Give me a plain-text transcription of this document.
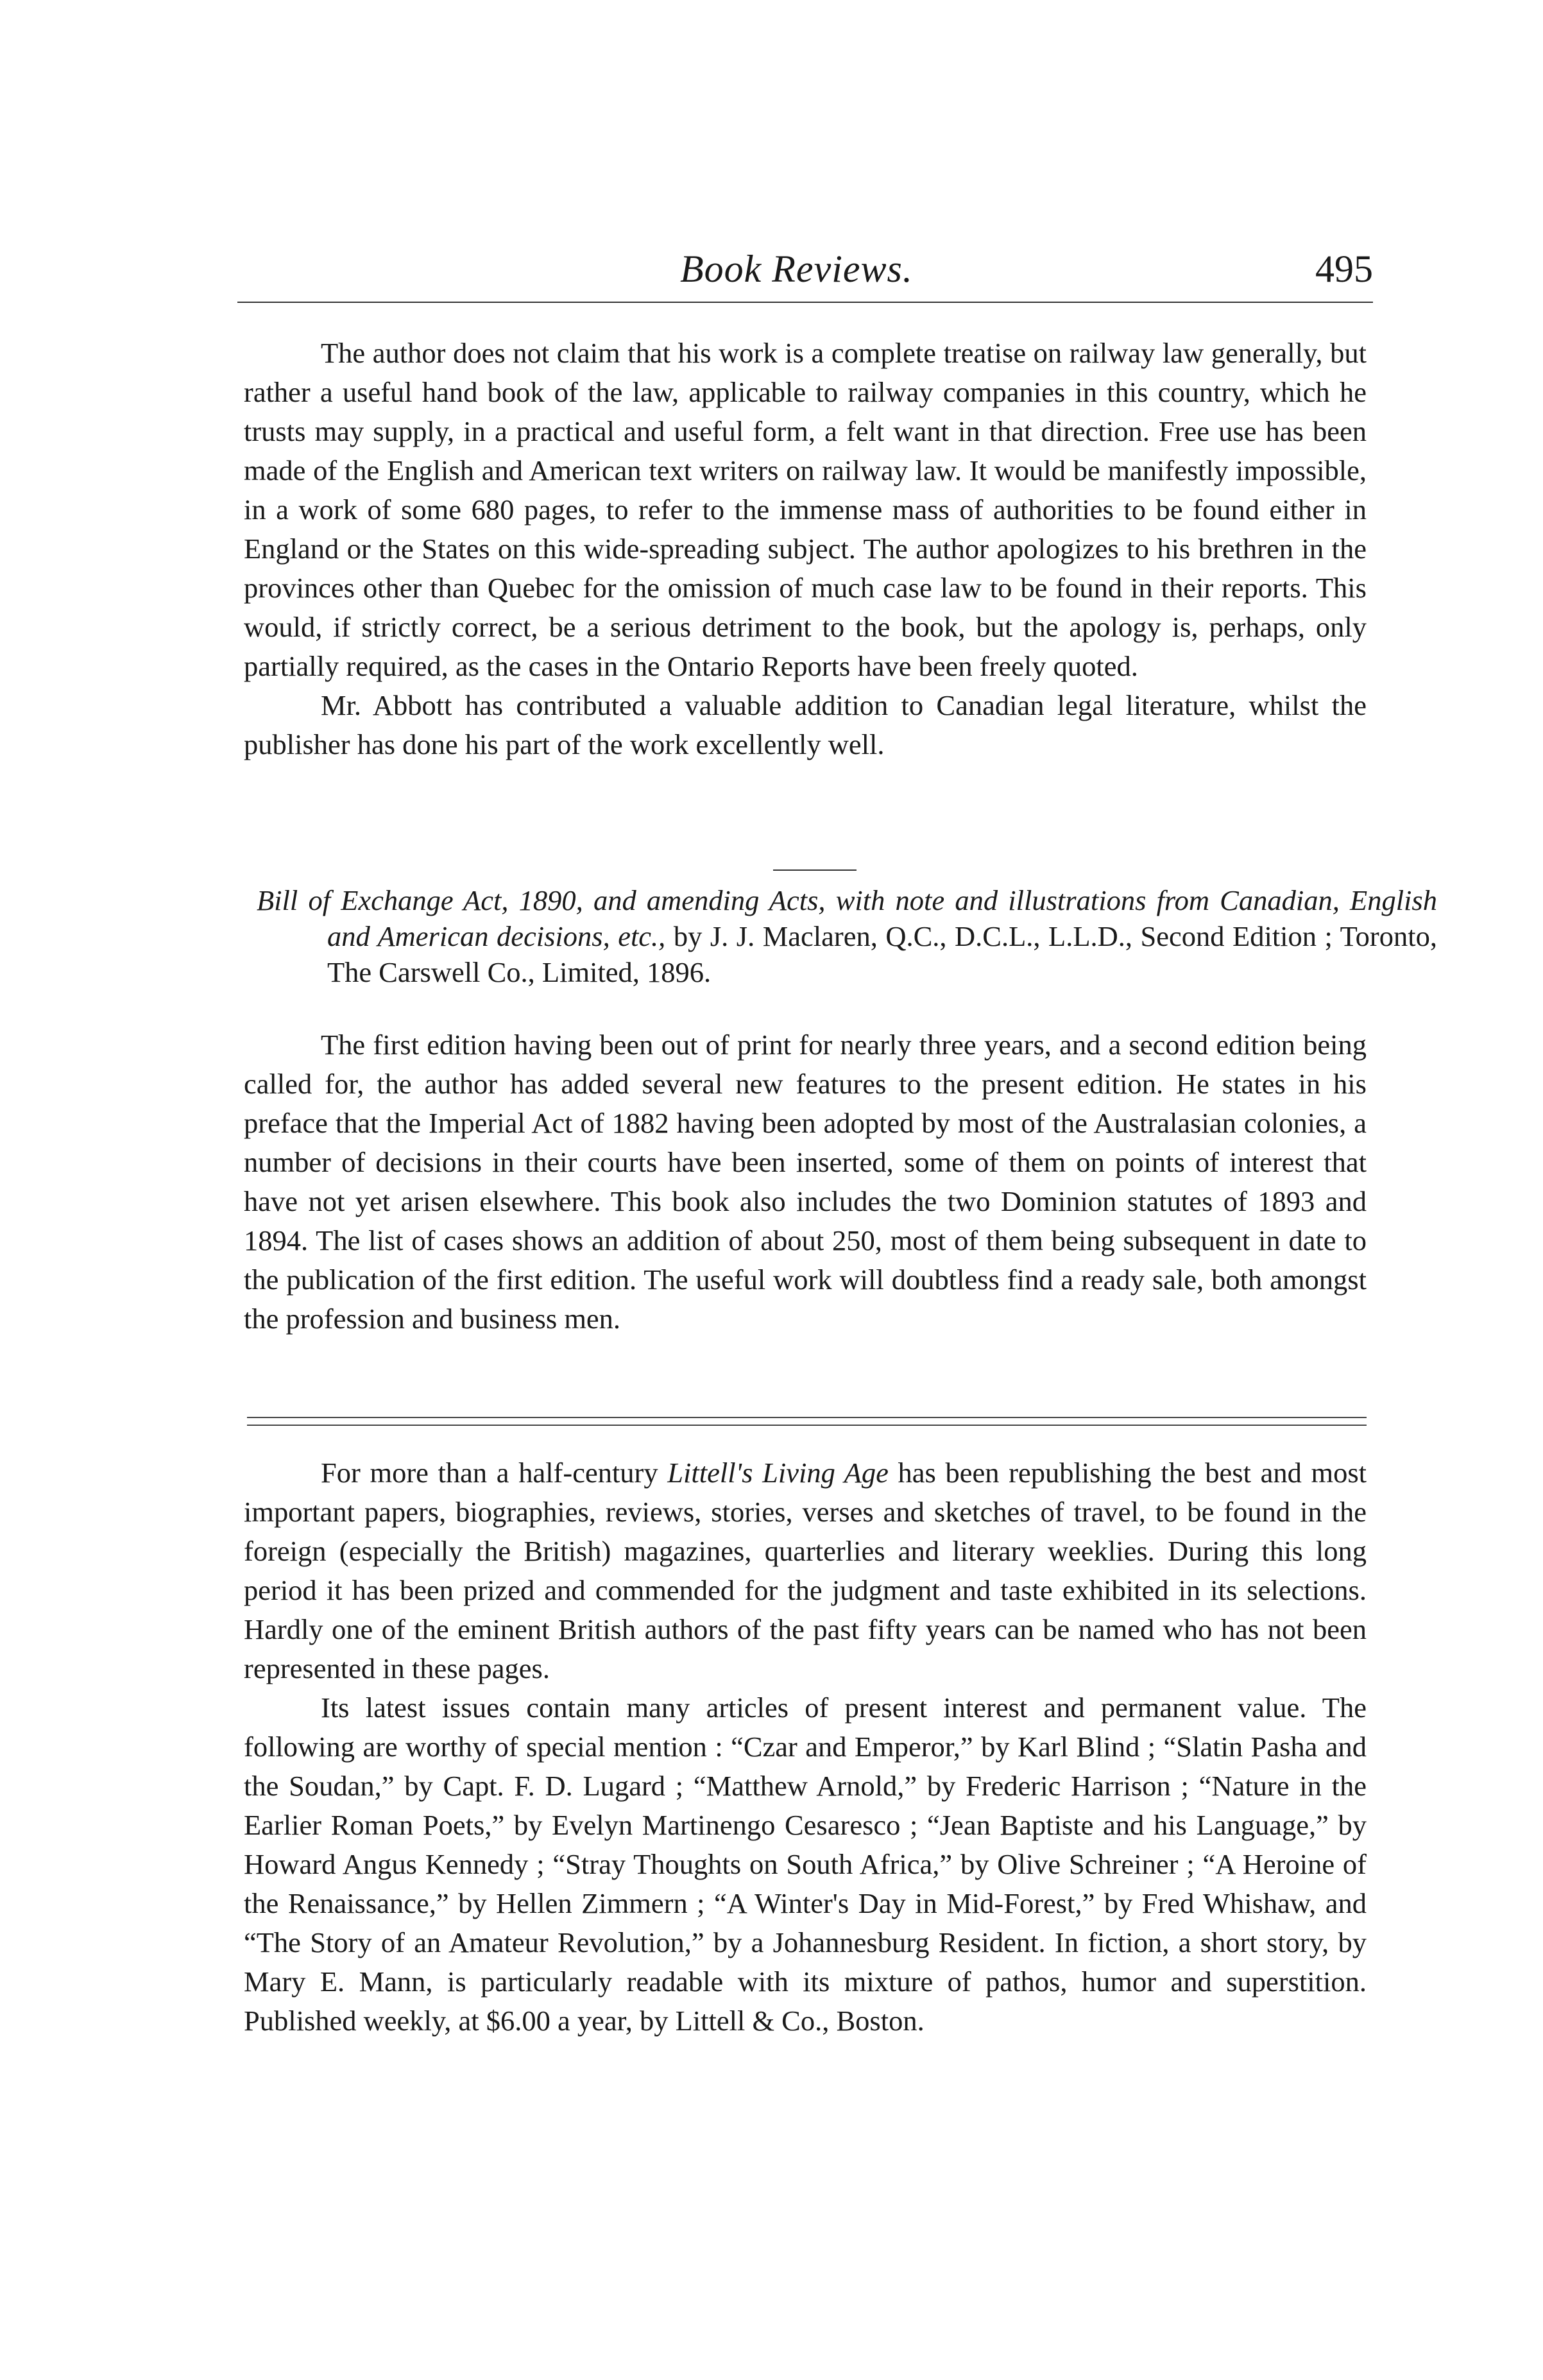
Book Reviews.	495

The author does not claim that his work is a complete treatise on railway law generally, but rather a useful hand book of the law, applicable to railway companies in this country, which he trusts may supply, in a practical and useful form, a felt want in that direction. Free use has been made of the English and American text writers on railway law. It would be manifestly impossible, in a work of some 680 pages, to refer to the immense mass of authorities to be found either in England or the States on this wide-spreading subject. The author apologizes to his brethren in the provinces other than Quebec for the omission of much case law to be found in their reports. This would, if strictly correct, be a serious detriment to the book, but the apology is, perhaps, only partially required, as the cases in the Ontario Reports have been freely quoted.

Mr. Abbott has contributed a valuable addition to Canadian legal literature, whilst the publisher has done his part of the work excellently well.

Bill of Exchange Act, 1890, and amending Acts, with note and illustrations from Canadian, English and American decisions, etc., by J. J. Maclaren, Q.C., D.C.L., L.L.D., Second Edition ; Toronto, The Carswell Co., Limited, 1896.

The first edition having been out of print for nearly three years, and a second edition being called for, the author has added several new features to the present edition. He states in his preface that the Imperial Act of 1882 having been adopted by most of the Australasian colonies, a number of decisions in their courts have been inserted, some of them on points of interest that have not yet arisen elsewhere. This book also includes the two Dominion statutes of 1893 and 1894. The list of cases shows an addition of about 250, most of them being subsequent in date to the publication of the first edition. The useful work will doubtless find a ready sale, both amongst the profession and business men.

For more than a half-century Littell's Living Age has been republishing the best and most important papers, biographies, reviews, stories, verses and sketches of travel, to be found in the foreign (especially the British) magazines, quarterlies and literary weeklies. During this long period it has been prized and commended for the judgment and taste exhibited in its selections. Hardly one of the eminent British authors of the past fifty years can be named who has not been represented in these pages.

Its latest issues contain many articles of present interest and permanent value. The following are worthy of special mention : “Czar and Emperor,” by Karl Blind ; “Slatin Pasha and the Soudan,” by Capt. F. D. Lugard ; “Matthew Arnold,” by Frederic Harrison ; “Nature in the Earlier Roman Poets,” by Evelyn Martinengo Cesaresco ; “Jean Baptiste and his Language,” by Howard Angus Kennedy ; “Stray Thoughts on South Africa,” by Olive Schreiner ; “A Heroine of the Renaissance,” by Hellen Zimmern ; “A Winter's Day in Mid-Forest,” by Fred Whishaw, and “The Story of an Amateur Revolution,” by a Johannesburg Resident. In fiction, a short story, by Mary E. Mann, is particularly readable with its mixture of pathos, humor and superstition. Published weekly, at $6.00 a year, by Littell & Co., Boston.
